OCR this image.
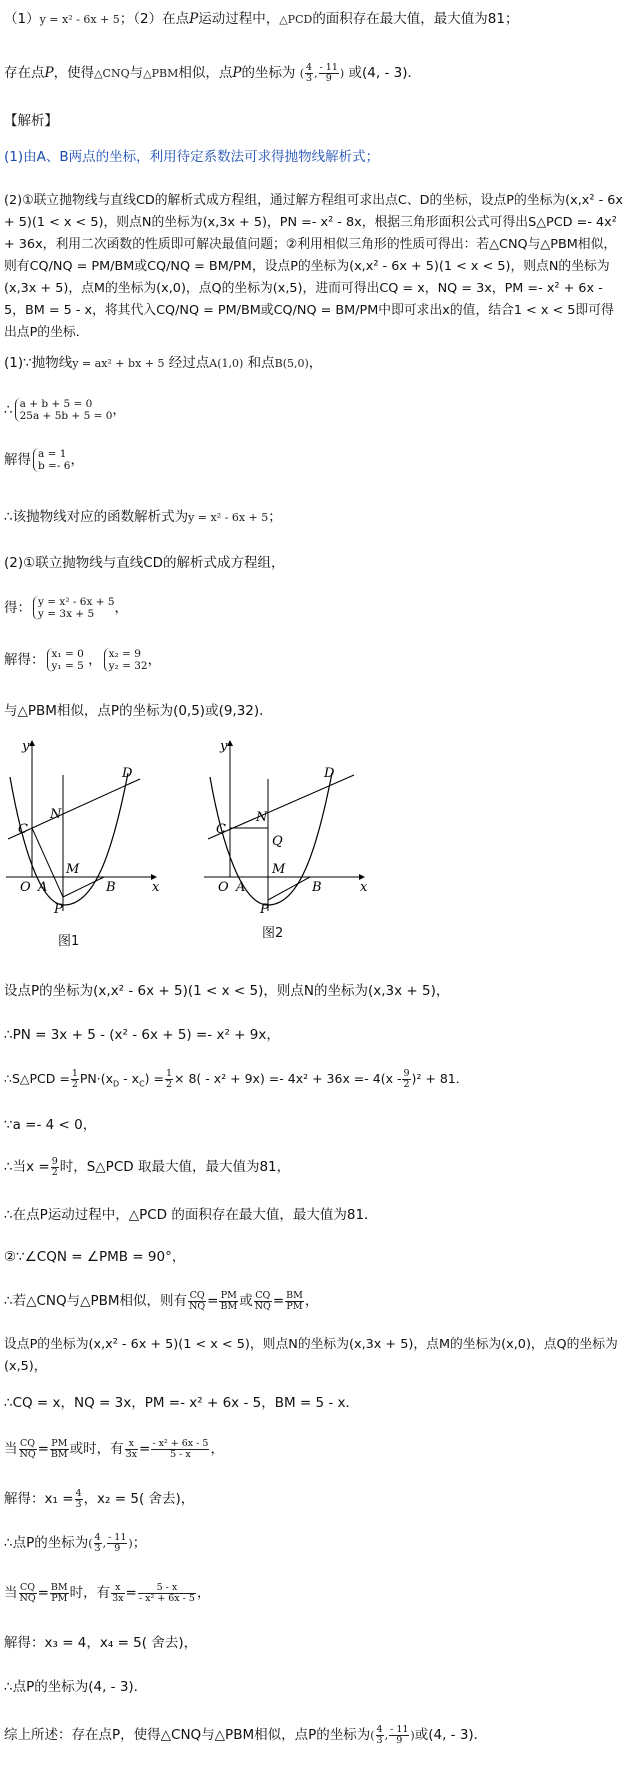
（1）y = x² - 6x + 5；（2）在点P运动过程中，△PCD的面积存在最大值，最大值为81；
存在点P，使得△CNQ与△PBM相似，点P的坐标为 ( $\frac{4}{3}$ , $\frac{- 11}{9}$ ) 或(4, - 3)．
【解析】
(1)由A、B两点的坐标，利用待定系数法可求得抛物线解析式；
(2)①联立抛物线与直线CD的解析式成方程组，通过解方程组可求出点C、D的坐标，设点P的坐标为(x,x² - 6x + 5)(1 < x < 5)，则点N的坐标为(x,3x + 5)，PN =- x² - 8x，根据三角形面积公式可得出S△PCD =- 4x² + 36x，利用二次函数的性质即可解决最值问题；②利用相似三角形的性质可得出：若△CNQ与△PBM相似，则有CQ/NQ = PM/BM或CQ/NQ = BM/PM，设点P的坐标为(x,x² - 6x + 5)(1 < x < 5)，则点N的坐标为(x,3x + 5)，点M的坐标为(x,0)，点Q的坐标为(x,5)，进而可得出CQ = x，NQ = 3x，PM =- x² + 6x - 5，BM = 5 - x，将其代入CQ/NQ = PM/BM或CQ/NQ = BM/PM中即可求出x的值，结合1 < x < 5即可得出点P的坐标．
(1)∵抛物线y = ax² + bx + 5 经过点A(1,0) 和点B(5,0)，
∴ a + b + 5 = 0
25a + 5b + 5 = 0 ，
解得 a = 1
b =- 6 ，
∴该抛物线对应的函数解析式为y = x² - 6x + 5；
(2)①联立抛物线与直线CD的解析式成方程组，
得： y = x² - 6x + 5
y = 3x + 5	，
解得： x₁ = 0
y₁ = 5 ， x₂ = 9
y₂ = 32 ，
与△PBM相似，点P的坐标为(0,5)或(9,32)．
y
x
O A	B
C
D
N
M
P
图1
y
x
O A	B
C
D
N
Q
M
P
图2
设点P的坐标为(x,x² - 6x + 5)(1 < x < 5)，则点N的坐标为(x,3x + 5)，
∴PN = 3x + 5 - (x² - 6x + 5) =- x² + 9x，
∴S△PCD = $\frac{1}{2} PN\cdot(x_D - x_C) = \frac{1}{2} \times 8( - x^2 + 9x) =- 4x^2 + 36x =- 4(x - \frac{9}{2} )^2 + 81$．
∵a =- 4 < 0，
∴当$x = \frac{9}{2}$ 时，S△PCD 取最大值，最大值为81，
∴在点P运动过程中，△PCD 的面积存在最大值，最大值为81．
②∵∠CQN = ∠PMB = 90°，
∴若△CNQ与△PBM相似，则有 $\frac{CQ}{NQ} = \frac{PM}{BM}$ 或 $\frac{CQ}{NQ} = \frac{BM}{PM}$ ，
设点P的坐标为(x,x² - 6x + 5)(1 < x < 5)，则点N的坐标为(x,3x + 5)，点M的坐标为(x,0)，点Q的坐标为(x,5)，
∴CQ = x，NQ = 3x，PM =- x² + 6x - 5，BM = 5 - x．
当 $\frac{CQ}{NQ} = \frac{PM}{BM}$ 或时，有 $\frac{x}{3x} = \frac{\text{- x² + 6x - 5}}{5 - x}$ ，
解得：$x_1 = \frac{4}{3}$ ，x₂ = 5( 舍去)，
∴点P的坐标为( $\frac{4}{3}$ , $\frac{- 11}{9}$ )；
当 $\frac{CQ}{NQ} = \frac{BM}{PM}$ 时，有 $\frac{x}{3x} = \frac{5 - x}{\text{- x² + 6x - 5}}$ ，
解得：x₃ = 4，x₄ = 5( 舍去)，
∴点P的坐标为(4, - 3)．
综上所述：存在点P，使得△CNQ与△PBM相似，点P的坐标为( $\frac{4}{3}$ , $\frac{- 11}{9}$ )或(4, - 3)．
